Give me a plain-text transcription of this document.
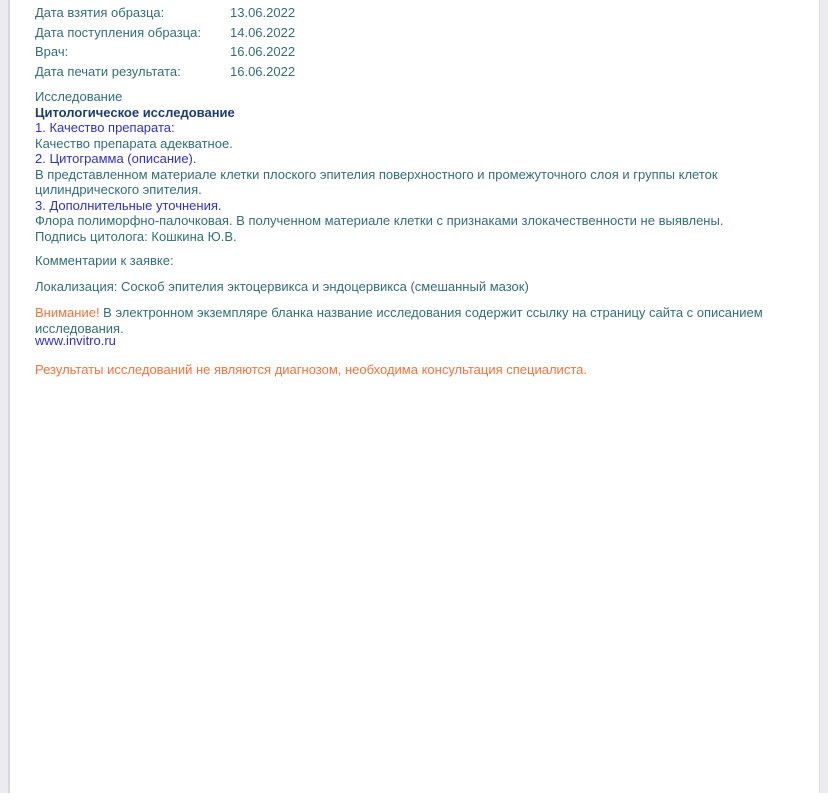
Дата взятия образца:	13.06.2022
Дата поступления образца:	14.06.2022
Врач:	16.06.2022
Дата печати результата:	16.06.2022
Исследование
Цитологическое исследование
1. Качество препарата:
Качество препарата адекватное.
2. Цитограмма (описание).
В представленном материале клетки плоского эпителия поверхностного и промежуточного слоя и группы клеток
цилиндрического эпителия.
3. Дополнительные уточнения.
Флора полиморфно-палочковая. В полученном материале клетки с признаками злокачественности не выявлены.
Подпись цитолога: Кошкина Ю.В.
Комментарии к заявке:
Локализация: Соскоб эпителия эктоцервикса и эндоцервикса (смешанный мазок)
Внимание! В электронном экземпляре бланка название исследования содержит ссылку на страницу сайта с описанием
исследования.
www.invitro.ru
Результаты исследований не являются диагнозом, необходима консультация специалиста.
